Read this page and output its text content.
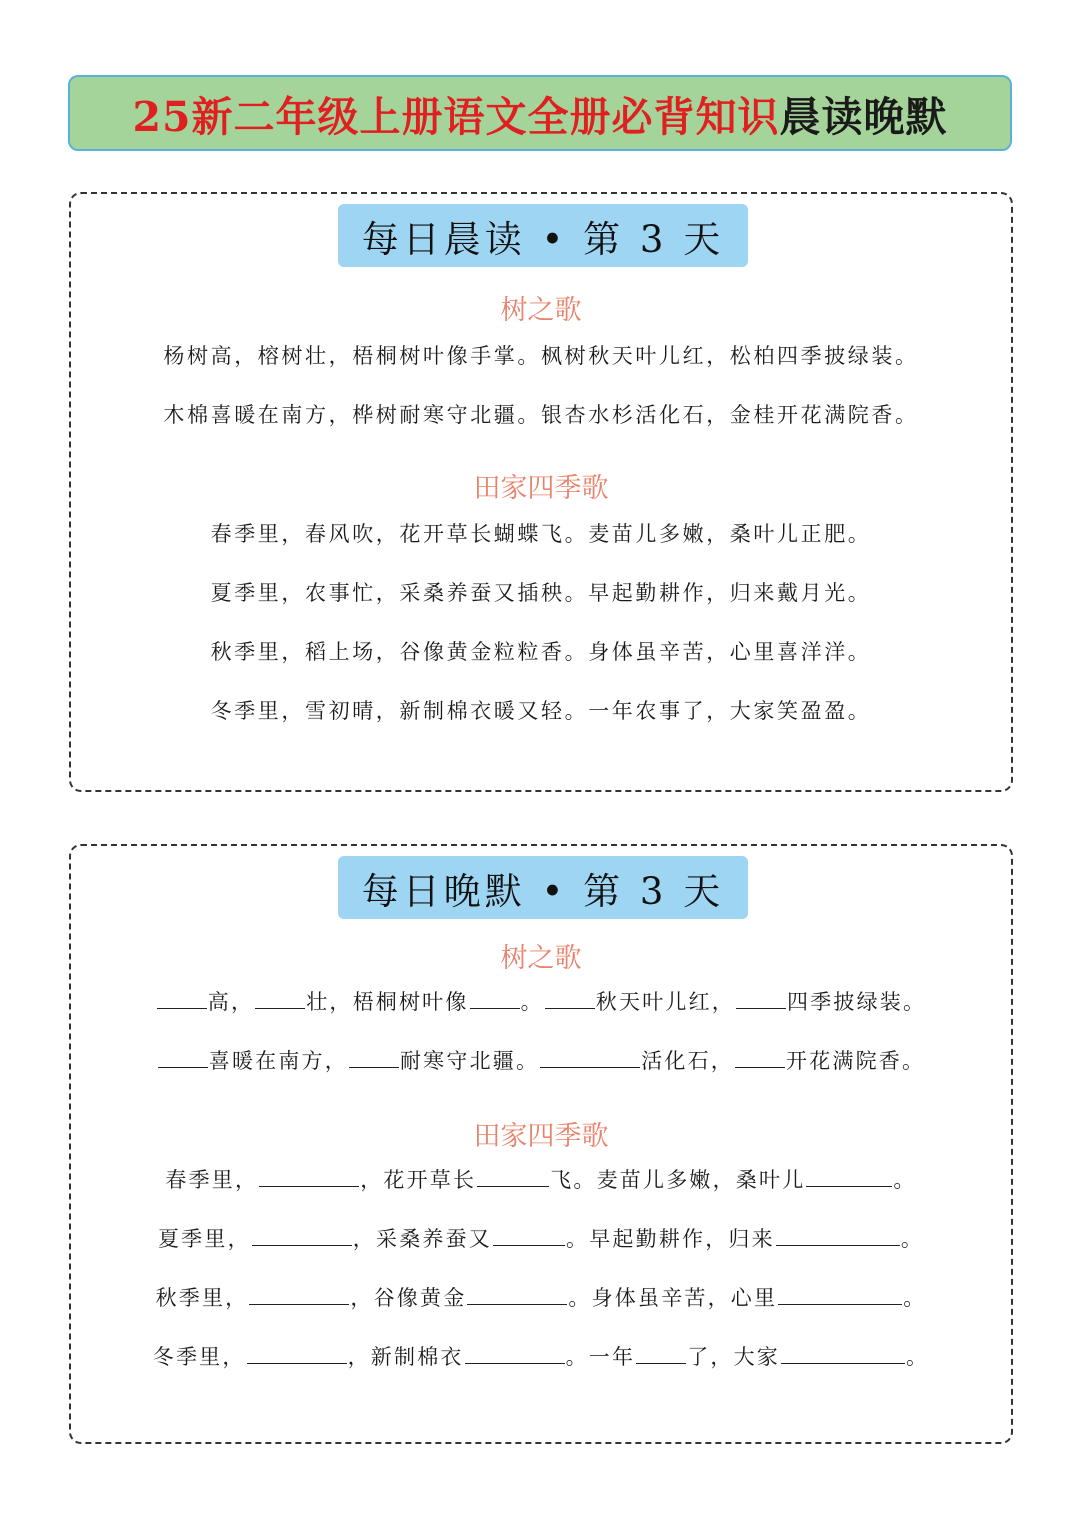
25新二年级上册语文全册必背知识 晨读晚默
每日晨读 • 第 3 天
树之歌
杨树高，榕树壮，梧桐树叶像手掌。枫树秋天叶儿红，松柏四季披绿装。
木棉喜暖在南方，桦树耐寒守北疆。银杏水杉活化石，金桂开花满院香。
田家四季歌
春季里，春风吹，花开草长蝴蝶飞。麦苗儿多嫩，桑叶儿正肥。
夏季里，农事忙，采桑养蚕又插秧。早起勤耕作，归来戴月光。
秋季里，稻上场，谷像黄金粒粒香。身体虽辛苦，心里喜洋洋。
冬季里，雪初晴，新制棉衣暖又轻。一年农事了，大家笑盈盈。
每日晚默 • 第 3 天
树之歌
高， 壮，梧桐树叶像 。 秋天叶儿红， 四季披绿装。
喜暖在南方， 耐寒守北疆。	活化石， 开花满院香。
田家四季歌
春季里，	，花开草长	飞。麦苗儿多嫩，桑叶儿	。
夏季里，	，采桑养蚕又	。早起勤耕作，归来	。
秋季里，	，谷像黄金	。身体虽辛苦，心里	。
冬季里，	，新制棉衣	。一年 了，大家	。
